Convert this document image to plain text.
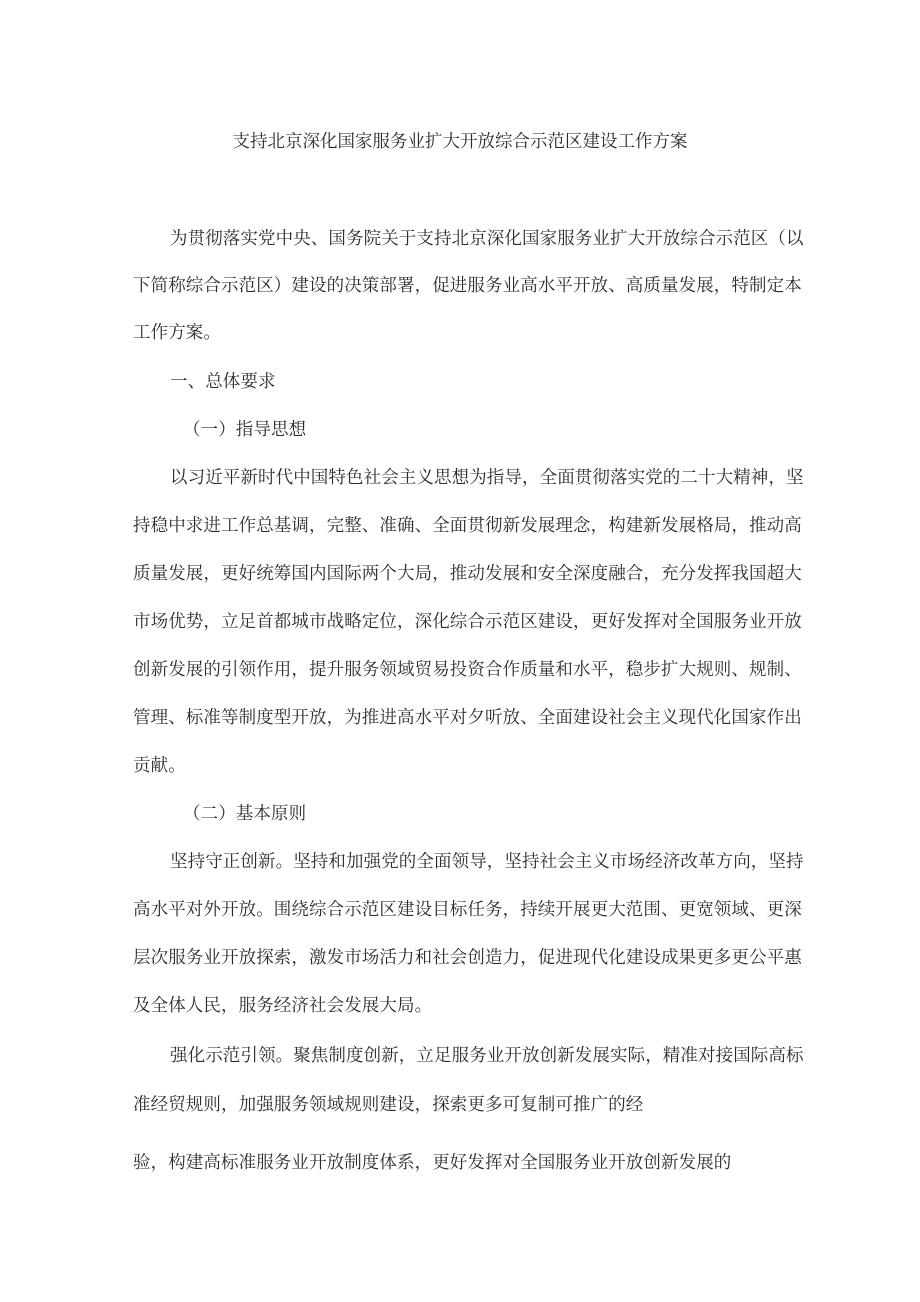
支持北京深化国家服务业扩大开放综合示范区建设工作方案

为贯彻落实党中央、国务院关于支持北京深化国家服务业扩大开放综合示范区（以

下简称综合示范区）建设的决策部署，促进服务业高水平开放、高质量发展，特制定本

工作方案。

一、总体要求

（一）指导思想

以习近平新时代中国特色社会主义思想为指导，全面贯彻落实党的二十大精神，坚

持稳中求进工作总基调，完整、准确、全面贯彻新发展理念，构建新发展格局，推动高

质量发展，更好统筹国内国际两个大局，推动发展和安全深度融合，充分发挥我国超大

市场优势，立足首都城市战略定位，深化综合示范区建设，更好发挥对全国服务业开放

创新发展的引领作用，提升服务领域贸易投资合作质量和水平，稳步扩大规则、规制、

管理、标准等制度型开放，为推进高水平对夕听放、全面建设社会主义现代化国家作出

贡献。

（二）基本原则

坚持守正创新。坚持和加强党的全面领导，坚持社会主义市场经济改革方向，坚持

高水平对外开放。围绕综合示范区建设目标任务，持续开展更大范围、更宽领域、更深

层次服务业开放探索，激发市场活力和社会创造力，促进现代化建设成果更多更公平惠

及全体人民，服务经济社会发展大局。

强化示范引领。聚焦制度创新，立足服务业开放创新发展实际，精准对接国际高标

准经贸规则，加强服务领域规则建设，探索更多可复制可推广的经

验，构建高标准服务业开放制度体系，更好发挥对全国服务业开放创新发展的
